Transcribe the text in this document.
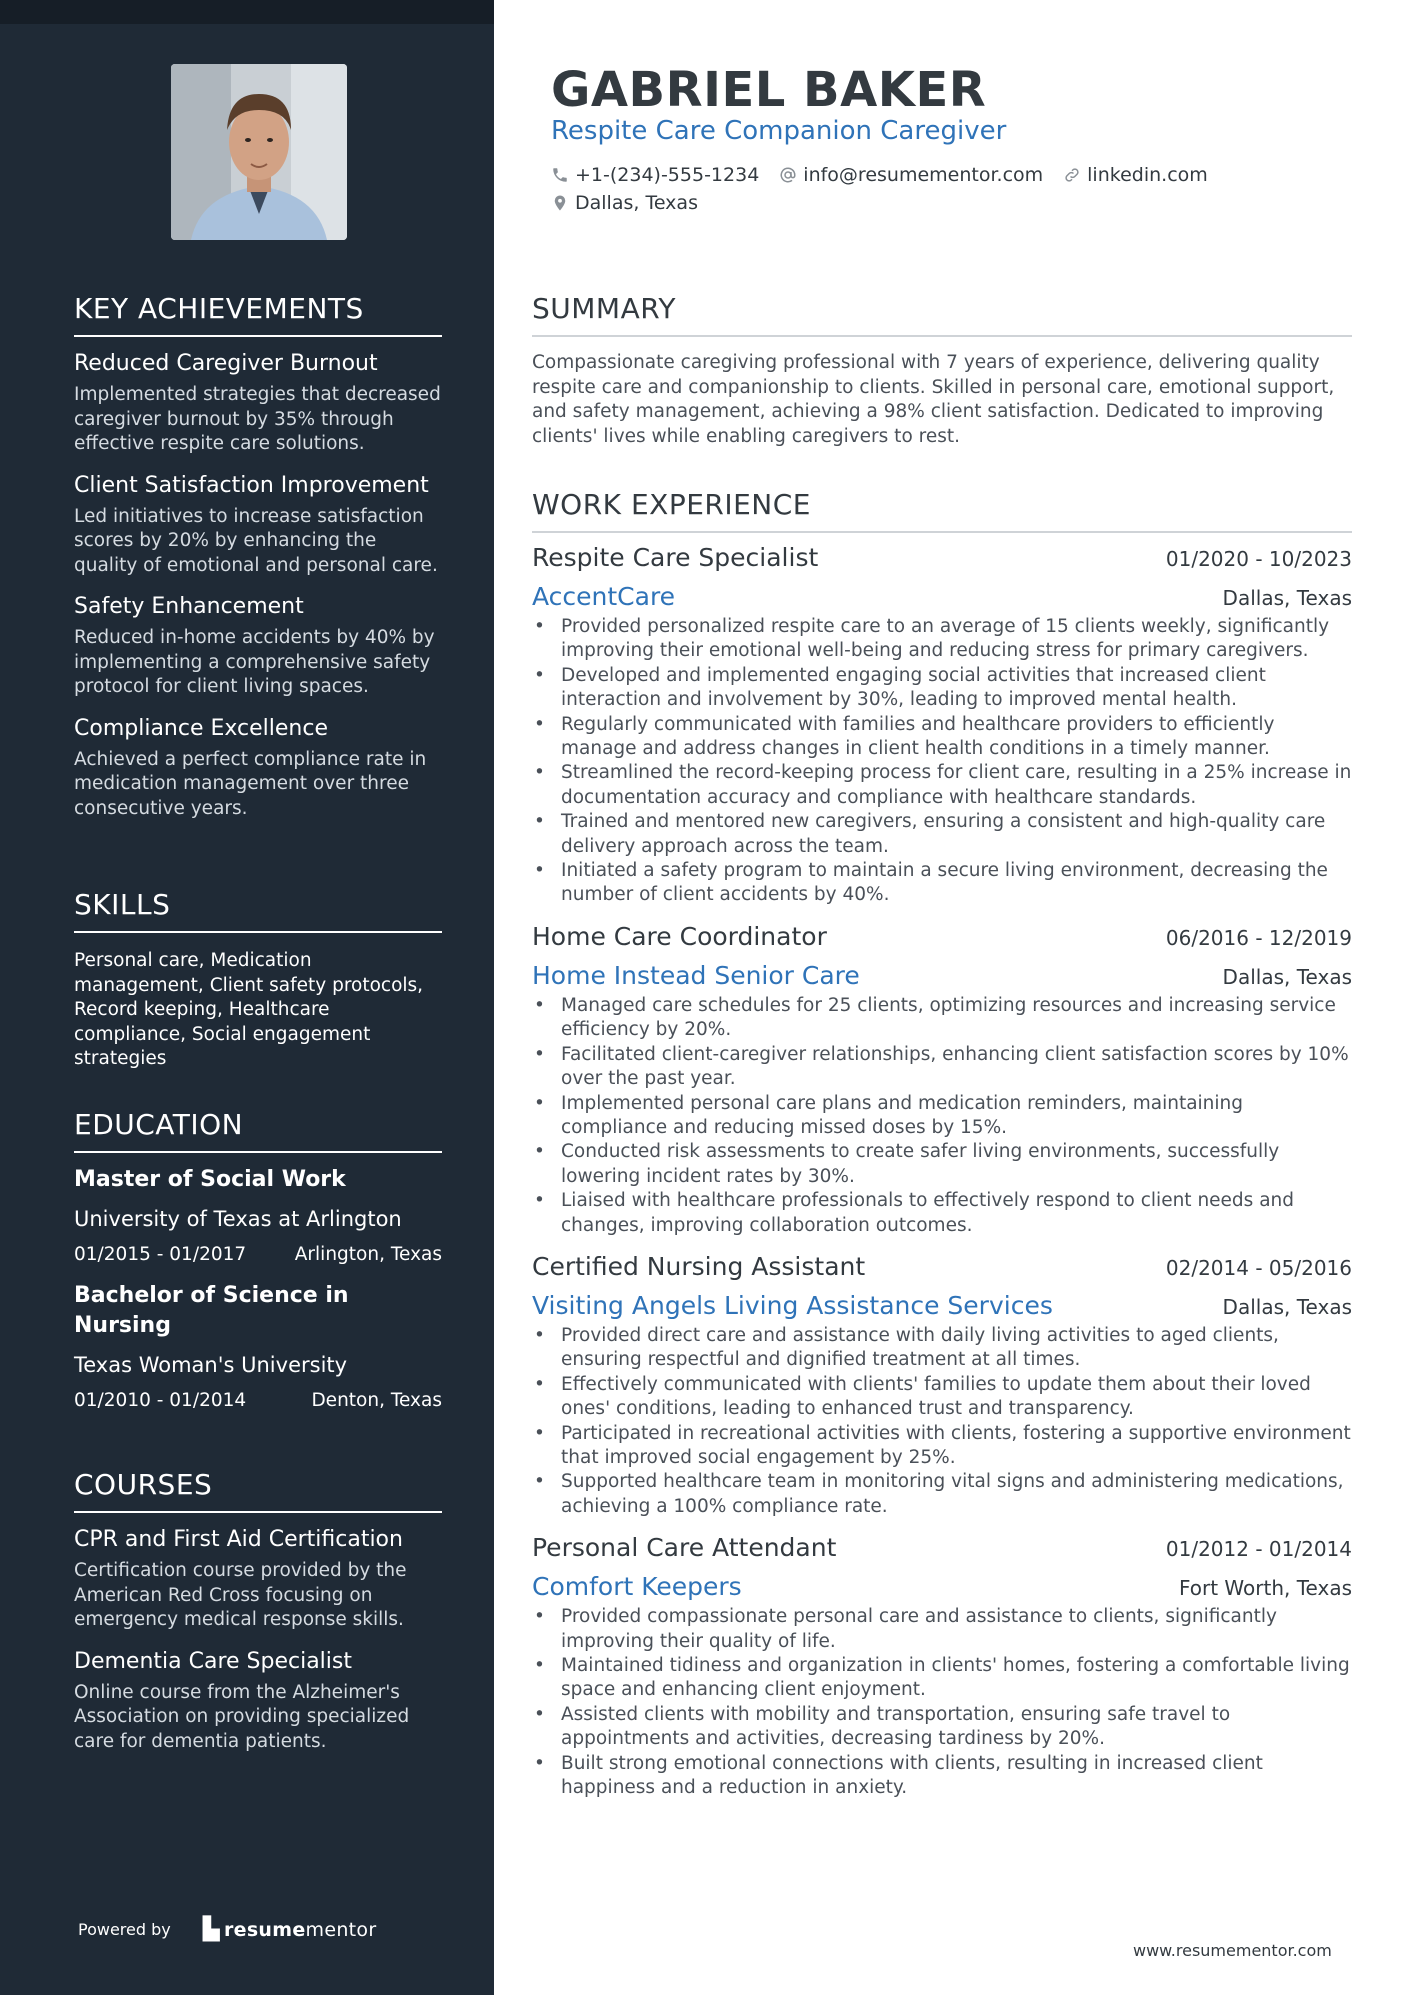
KEY ACHIEVEMENTS
Reduced Caregiver Burnout
Implemented strategies that decreased caregiver burnout by 35% through effective respite care solutions.
Client Satisfaction Improvement
Led initiatives to increase satisfaction scores by 20% by enhancing the quality of emotional and personal care.
Safety Enhancement
Reduced in-home accidents by 40% by implementing a comprehensive safety protocol for client living spaces.
Compliance Excellence
Achieved a perfect compliance rate in medication management over three consecutive years.
SKILLS
Personal care, Medication management, Client safety protocols, Record keeping, Healthcare compliance, Social engagement strategies
EDUCATION
Master of Social Work
University of Texas at Arlington
01/2015 - 01/2017	Arlington, Texas
Bachelor of Science in Nursing
Texas Woman's University
01/2010 - 01/2014	Denton, Texas
COURSES
CPR and First Aid Certification
Certification course provided by the American Red Cross focusing on emergency medical response skills.
Dementia Care Specialist
Online course from the Alzheimer's Association on providing specialized care for dementia patients.
Powered by ▙ resume mentor
GABRIEL BAKER
Respite Care Companion Caregiver
+1-(234)-555-1234 info@resumementor.com linkedin.com
Dallas, Texas
SUMMARY
Compassionate caregiving professional with 7 years of experience, delivering quality respite care and companionship to clients. Skilled in personal care, emotional support, and safety management, achieving a 98% client satisfaction. Dedicated to improving clients' lives while enabling caregivers to rest.
WORK EXPERIENCE
Respite Care Specialist	01/2020 - 10/2023
AccentCare	Dallas, Texas
• Provided personalized respite care to an average of 15 clients weekly, significantly improving their emotional well-being and reducing stress for primary caregivers.
• Developed and implemented engaging social activities that increased client interaction and involvement by 30%, leading to improved mental health.
• Regularly communicated with families and healthcare providers to efficiently manage and address changes in client health conditions in a timely manner.
• Streamlined the record-keeping process for client care, resulting in a 25% increase in documentation accuracy and compliance with healthcare standards.
• Trained and mentored new caregivers, ensuring a consistent and high-quality care delivery approach across the team.
• Initiated a safety program to maintain a secure living environment, decreasing the number of client accidents by 40%.
Home Care Coordinator	06/2016 - 12/2019
Home Instead Senior Care	Dallas, Texas
• Managed care schedules for 25 clients, optimizing resources and increasing service efficiency by 20%.
• Facilitated client-caregiver relationships, enhancing client satisfaction scores by 10% over the past year.
• Implemented personal care plans and medication reminders, maintaining compliance and reducing missed doses by 15%.
• Conducted risk assessments to create safer living environments, successfully lowering incident rates by 30%.
• Liaised with healthcare professionals to effectively respond to client needs and changes, improving collaboration outcomes.
Certified Nursing Assistant	02/2014 - 05/2016
Visiting Angels Living Assistance Services	Dallas, Texas
• Provided direct care and assistance with daily living activities to aged clients, ensuring respectful and dignified treatment at all times.
• Effectively communicated with clients' families to update them about their loved ones' conditions, leading to enhanced trust and transparency.
• Participated in recreational activities with clients, fostering a supportive environment that improved social engagement by 25%.
• Supported healthcare team in monitoring vital signs and administering medications, achieving a 100% compliance rate.
Personal Care Attendant	01/2012 - 01/2014
Comfort Keepers	Fort Worth, Texas
• Provided compassionate personal care and assistance to clients, significantly improving their quality of life.
• Maintained tidiness and organization in clients' homes, fostering a comfortable living space and enhancing client enjoyment.
• Assisted clients with mobility and transportation, ensuring safe travel to appointments and activities, decreasing tardiness by 20%.
• Built strong emotional connections with clients, resulting in increased client happiness and a reduction in anxiety.
www.resumementor.com
